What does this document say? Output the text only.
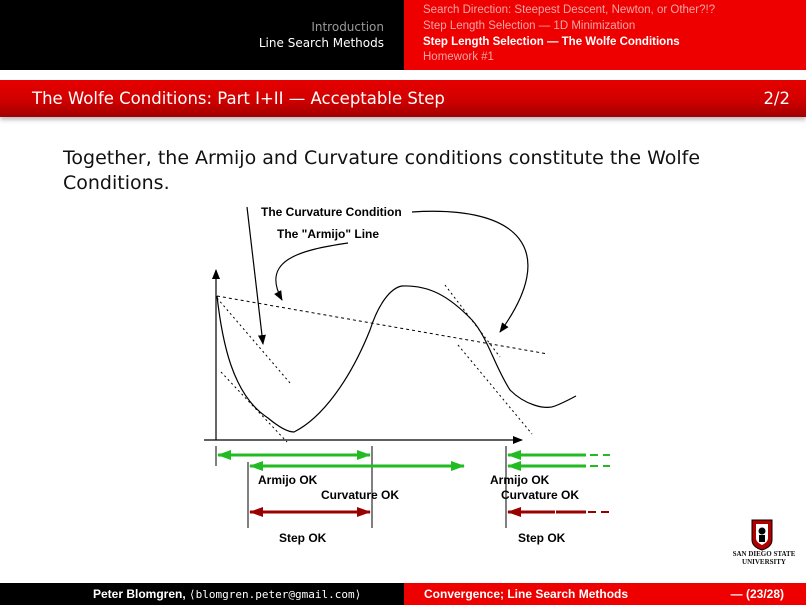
Introduction
Line Search Methods
Search Direction: Steepest Descent, Newton, or Other?!?
Step Length Selection — 1D Minimization
Step Length Selection — The Wolfe Conditions
Homework #1
The Wolfe Conditions: Part I+II — Acceptable Step	2/2
Together, the Armijo and Curvature conditions constitute the Wolfe Conditions.
The Curvature Condition
The "Armijo" Line
Armijo OK
Curvature OK
Armijo OK
Curvature OK
Step OK	Step OK
SAN DIEGO STATE
UNIVERSITY
Peter Blomgren, ⟨blomgren.peter@gmail.com⟩	Convergence; Line Search Methods	— (23/28)
